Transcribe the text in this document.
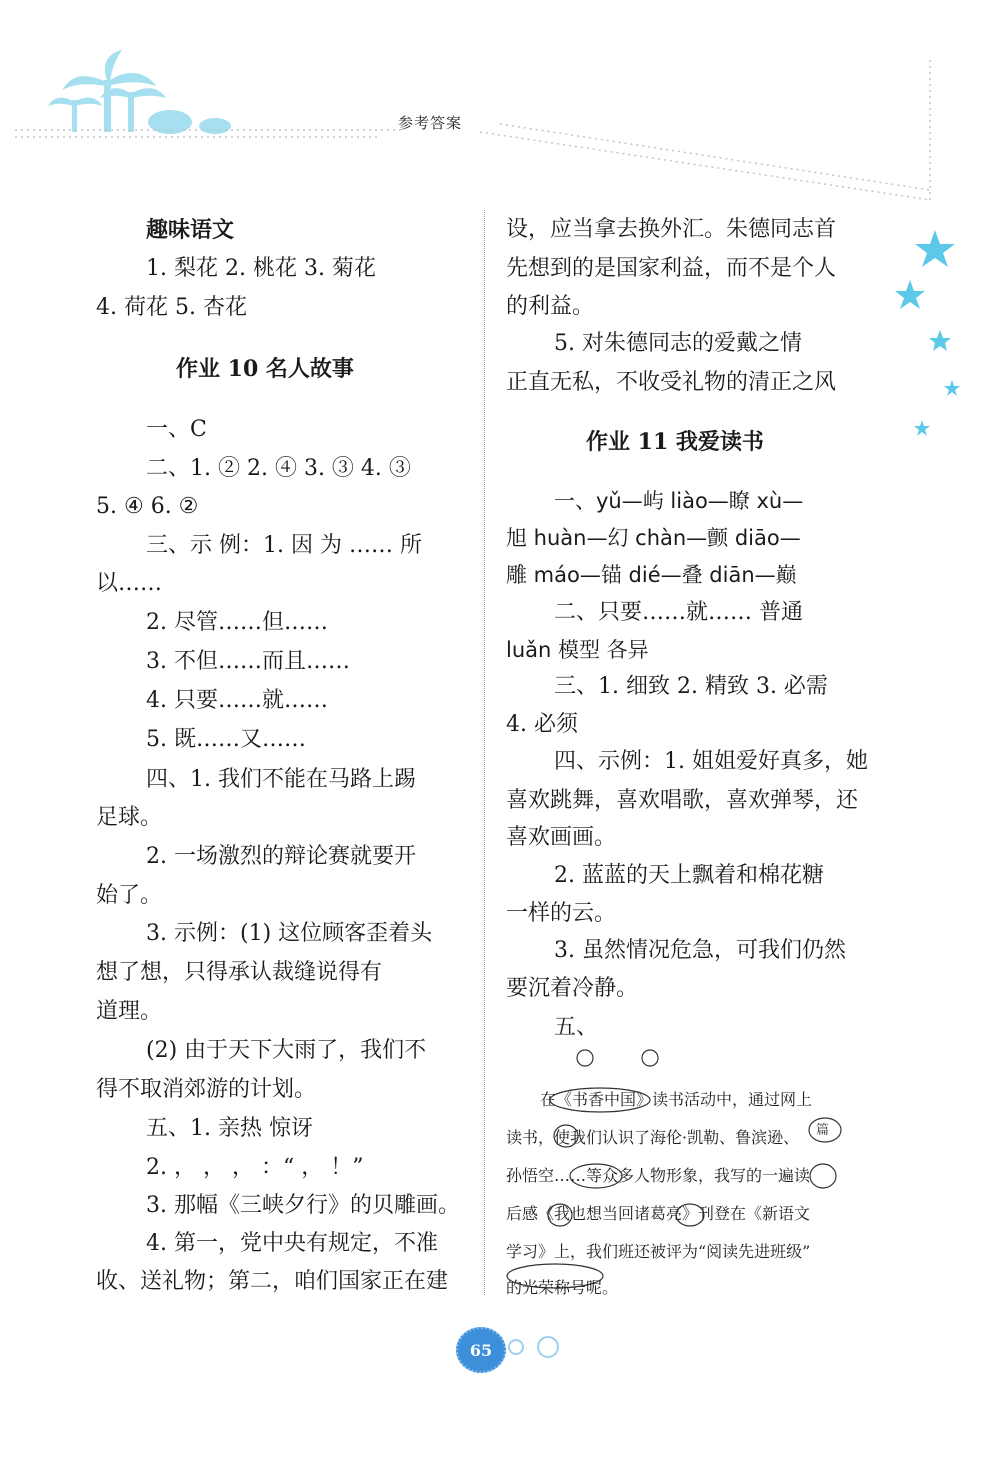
参考答案
趣味语文
1. 梨花 2. 桃花 3. 菊花
4. 荷花 5. 杏花
作业 10 名人故事
一、C
二、1. ② 2. ④ 3. ③ 4. ③
5. ④ 6. ②
三、示 例：1. 因 为 …… 所
以……
2. 尽管……但……
3. 不但……而且……
4. 只要……就……
5. 既……又……
四、1. 我们不能在马路上踢
足球。
2. 一场激烈的辩论赛就要开
始了。
3. 示例：(1) 这位顾客歪着头
想了想，只得承认裁缝说得有
道理。
(2) 由于天下大雨了，我们不
得不取消郊游的计划。
五、1. 亲热 惊讶
2. ， ， ， ：“ ， ！”
3. 那幅《三峡夕行》的贝雕画。
4. 第一，党中央有规定，不准
收、送礼物；第二，咱们国家正在建
设，应当拿去换外汇。朱德同志首
先想到的是国家利益，而不是个人
的利益。
5. 对朱德同志的爱戴之情
正直无私，不收受礼物的清正之风
作业 11 我爱读书
一、yǔ—屿 liào—瞭 xù—
旭 huàn—幻 chàn—颤 diāo—
雕 máo—锚 dié—叠 diān—巅
二、只要……就…… 普通
luǎn 模型 各异
三、1. 细致 2. 精致 3. 必需
4. 必须
四、示例：1. 姐姐爱好真多，她
喜欢跳舞，喜欢唱歌，喜欢弹琴，还
喜欢画画。
2. 蓝蓝的天上飘着和棉花糖
一样的云。
3. 虽然情况危急，可我们仍然
要沉着冷静。
五、
篇
在《书香中国》读书活动中，通过网上
读书，使我们认识了海伦·凯勒、鲁滨逊、
孙悟空……等众多人物形象，我写的一遍读
后感《我也想当回诸葛亮》刊登在《新语文
学习》上，我们班还被评为“阅读先进班级”
的光荣称号呢。
65
